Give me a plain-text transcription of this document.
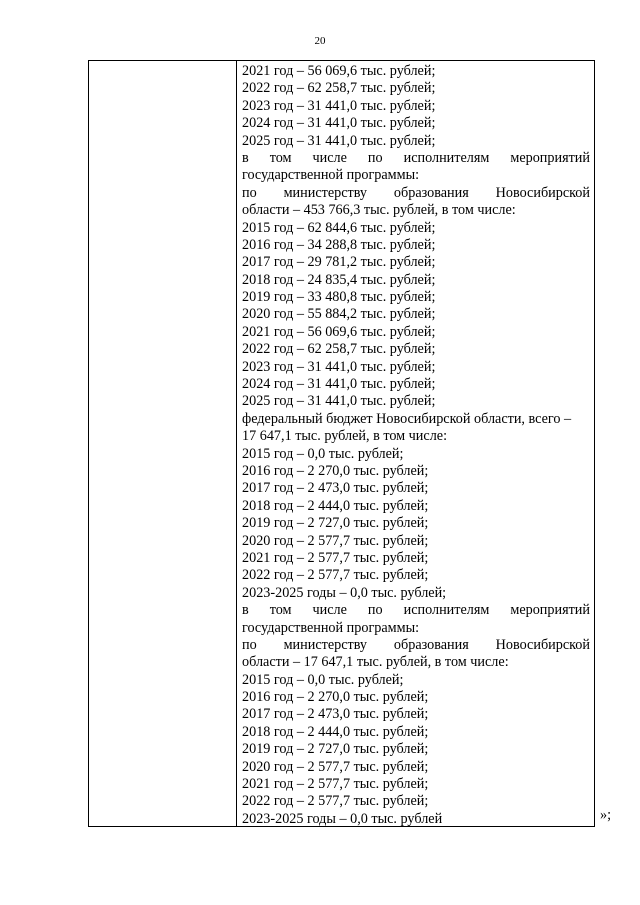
20
2021 год – 56 069,6 тыс. рублей;
2022 год – 62 258,7 тыс. рублей;
2023 год – 31 441,0 тыс. рублей;
2024 год – 31 441,0 тыс. рублей;
2025 год – 31 441,0 тыс. рублей;
в том числе по исполнителям мероприятий
государственной программы:
по министерству образования Новосибирской
области – 453 766,3 тыс. рублей, в том числе:
2015 год – 62 844,6 тыс. рублей;
2016 год – 34 288,8 тыс. рублей;
2017 год – 29 781,2 тыс. рублей;
2018 год – 24 835,4 тыс. рублей;
2019 год – 33 480,8 тыс. рублей;
2020 год – 55 884,2 тыс. рублей;
2021 год – 56 069,6 тыс. рублей;
2022 год – 62 258,7 тыс. рублей;
2023 год – 31 441,0 тыс. рублей;
2024 год – 31 441,0 тыс. рублей;
2025 год – 31 441,0 тыс. рублей;
федеральный бюджет Новосибирской области, всего –
17 647,1 тыс. рублей, в том числе:
2015 год – 0,0 тыс. рублей;
2016 год – 2 270,0 тыс. рублей;
2017 год – 2 473,0 тыс. рублей;
2018 год – 2 444,0 тыс. рублей;
2019 год – 2 727,0 тыс. рублей;
2020 год – 2 577,7 тыс. рублей;
2021 год – 2 577,7 тыс. рублей;
2022 год – 2 577,7 тыс. рублей;
2023-2025 годы – 0,0 тыс. рублей;
в том числе по исполнителям мероприятий
государственной программы:
по министерству образования Новосибирской
области – 17 647,1 тыс. рублей, в том числе:
2015 год – 0,0 тыс. рублей;
2016 год – 2 270,0 тыс. рублей;
2017 год – 2 473,0 тыс. рублей;
2018 год – 2 444,0 тыс. рублей;
2019 год – 2 727,0 тыс. рублей;
2020 год – 2 577,7 тыс. рублей;
2021 год – 2 577,7 тыс. рублей;
2022 год – 2 577,7 тыс. рублей;
2023-2025 годы – 0,0 тыс. рублей	»;
